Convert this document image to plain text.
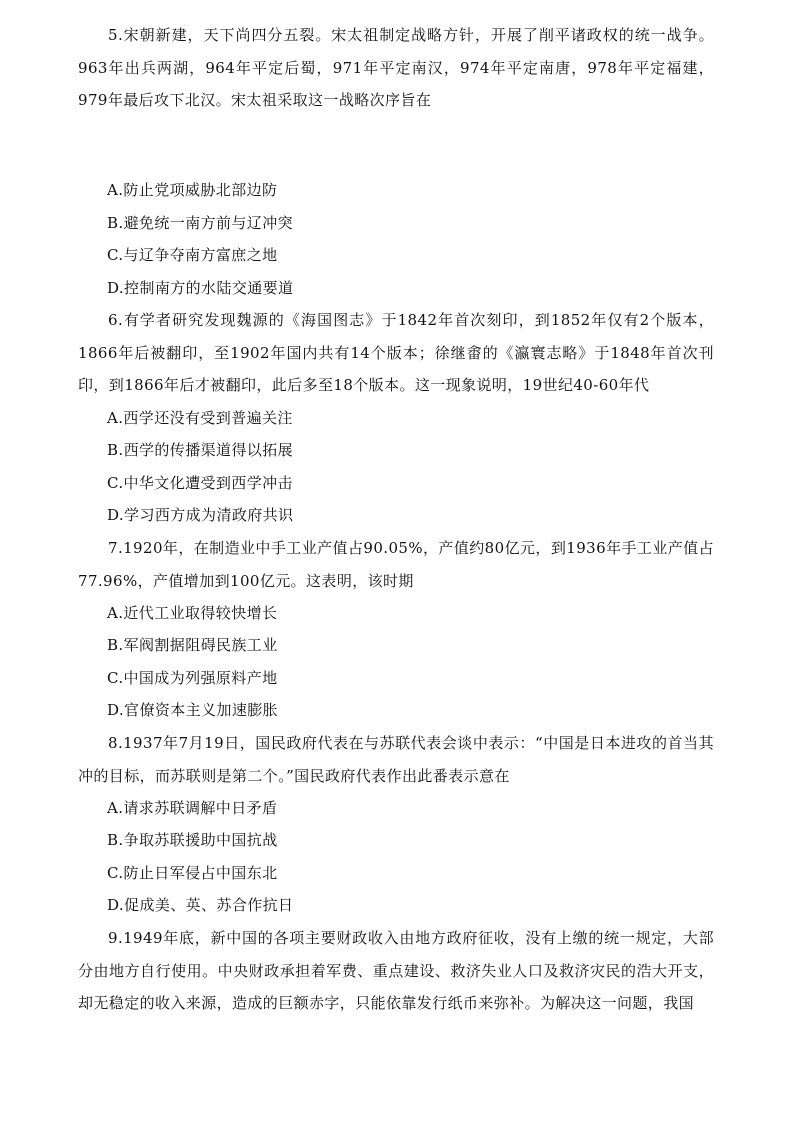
5.宋朝新建，天下尚四分五裂。宋太祖制定战略方针，开展了削平诸政权的统一战争。963年出兵两湖，964年平定后蜀，971年平定南汉，974年平定南唐，978年平定福建，979年最后攻下北汉。宋太祖采取这一战略次序旨在

A.防止党项威胁北部边防

B.避免统一南方前与辽冲突

C.与辽争夺南方富庶之地

D.控制南方的水陆交通要道

6.有学者研究发现魏源的《海国图志》于1842年首次刻印，到1852年仅有2个版本，1866年后被翻印，至1902年国内共有14个版本；徐继畬的《瀛寰志略》于1848年首次刊印，到1866年后才被翻印，此后多至18个版本。这一现象说明，19世纪40-60年代

A.西学还没有受到普遍关注

B.西学的传播渠道得以拓展

C.中华文化遭受到西学冲击

D.学习西方成为清政府共识

7.1920年，在制造业中手工业产值占90.05%，产值约80亿元，到1936年手工业产值占77.96%，产值增加到100亿元。这表明，该时期

A.近代工业取得较快增长

B.军阀割据阻碍民族工业

C.中国成为列强原料产地

D.官僚资本主义加速膨胀

8.1937年7月19日，国民政府代表在与苏联代表会谈中表示：“中国是日本进攻的首当其冲的目标，而苏联则是第二个。”国民政府代表作出此番表示意在

A.请求苏联调解中日矛盾

B.争取苏联援助中国抗战

C.防止日军侵占中国东北

D.促成美、英、苏合作抗日

9.1949年底，新中国的各项主要财政收入由地方政府征收，没有上缴的统一规定，大部分由地方自行使用。中央财政承担着军费、重点建设、救济失业人口及救济灾民的浩大开支，却无稳定的收入来源，造成的巨额赤字，只能依靠发行纸币来弥补。为解决这一问题，我国
